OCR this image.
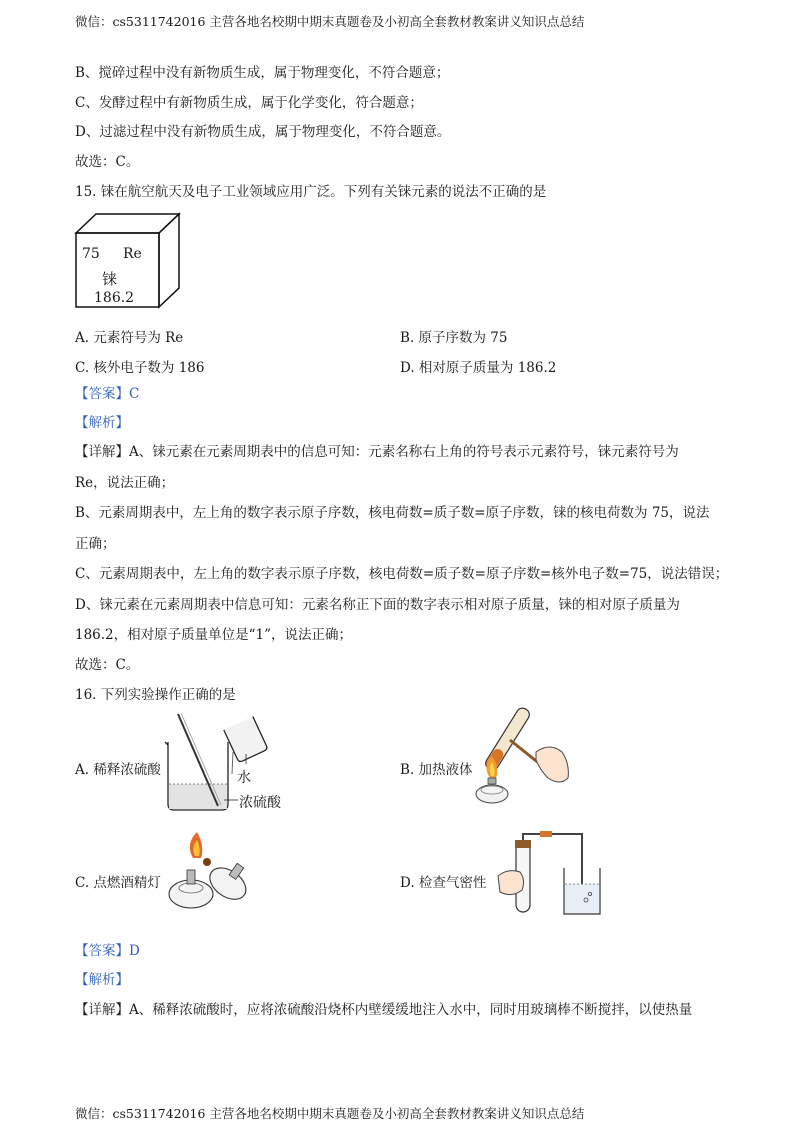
微信：cs5311742016 主营各地名校期中期末真题卷及小初高全套教材教案讲义知识点总结
B、搅碎过程中没有新物质生成，属于物理变化，不符合题意；
C、发酵过程中有新物质生成，属于化学变化，符合题意；
D、过滤过程中没有新物质生成，属于物理变化，不符合题意。
故选：C。
15. 铼在航空航天及电子工业领域应用广泛。下列有关铼元素的说法不正确的是
75 Re
铼
186.2
A. 元素符号为 Re	B. 原子序数为 75
C. 核外电子数为 186	D. 相对原子质量为 186.2
【答案】C
【解析】
【详解】A、铼元素在元素周期表中的信息可知：元素名称右上角的符号表示元素符号，铼元素符号为
Re，说法正确；
B、元素周期表中，左上角的数字表示原子序数，核电荷数=质子数=原子序数，铼的核电荷数为 75，说法
正确；
C、元素周期表中，左上角的数字表示原子序数，核电荷数=质子数=原子序数=核外电子数=75，说法错误；
D、铼元素在元素周期表中信息可知：元素名称正下面的数字表示相对原子质量，铼的相对原子质量为
186.2，相对原子质量单位是“1”，说法正确；
故选：C。
16. 下列实验操作正确的是
A. 稀释浓硫酸	水
浓硫酸
B. 加热液体
C. 点燃酒精灯	D. 检查气密性
【答案】D
【解析】
【详解】A、稀释浓硫酸时，应将浓硫酸沿烧杯内壁缓缓地注入水中，同时用玻璃棒不断搅拌，以使热量
微信：cs5311742016 主营各地名校期中期末真题卷及小初高全套教材教案讲义知识点总结
